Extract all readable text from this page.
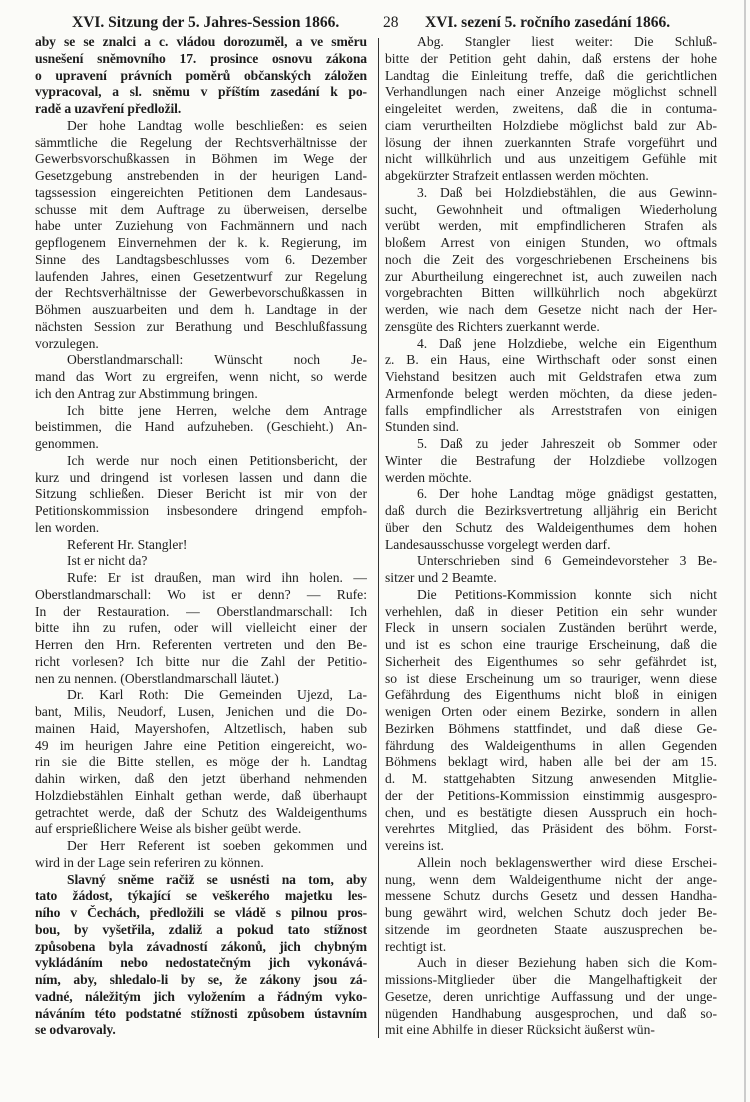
XVI. Sitzung der 5. Jahres-Session 1866.	28 XVI. sezení 5. ročního zasedání 1866.
aby se se znalci a c. vládou dorozuměl, a ve směru
usnešení sněmovního 17. prosince osnovu zákona
o upravení právních poměrů občanských záložen
vypracoval, a sl. sněmu v příštím zasedání k po-
radě a uzavření předložil.
Der hohe Landtag wolle beschließen: es seien
sämmtliche die Regelung der Rechtsverhältnisse der
Gewerbsvorschußkassen in Böhmen im Wege der
Gesetzgebung anstrebenden in der heurigen Land-
tagssession eingereichten Petitionen dem Landesaus-
schusse mit dem Auftrage zu überweisen, derselbe
habe unter Zuziehung von Fachmännern und nach
gepflogenem Einvernehmen der k. k. Regierung, im
Sinne des Landtagsbeschlusses vom 6. Dezember
laufenden Jahres, einen Gesetzentwurf zur Regelung
der Rechtsverhältnisse der Gewerbevorschußkassen in
Böhmen auszuarbeiten und dem h. Landtage in der
nächsten Session zur Berathung und Beschlußfassung
vorzulegen.
Oberstlandmarschall: Wünscht noch Je-
mand das Wort zu ergreifen, wenn nicht, so werde
ich den Antrag zur Abstimmung bringen.
Ich bitte jene Herren, welche dem Antrage
beistimmen, die Hand aufzuheben. (Geschieht.) An-
genommen.
Ich werde nur noch einen Petitionsbericht, der
kurz und dringend ist vorlesen lassen und dann die
Sitzung schließen. Dieser Bericht ist mir von der
Petitionskommission insbesondere dringend empfoh-
len worden.
Referent Hr. Stangler!
Ist er nicht da?
Rufe: Er ist draußen, man wird ihn holen. —
Oberstlandmarschall: Wo ist er denn? — Rufe:
In der Restauration. — Oberstlandmarschall: Ich
bitte ihn zu rufen, oder will vielleicht einer der
Herren den Hrn. Referenten vertreten und den Be-
richt vorlesen? Ich bitte nur die Zahl der Petitio-
nen zu nennen. (Oberstlandmarschall läutet.)
Dr. Karl Roth: Die Gemeinden Ujezd, La-
bant, Milis, Neudorf, Lusen, Jenichen und die Do-
mainen Haid, Mayershofen, Altzetlisch, haben sub
49 im heurigen Jahre eine Petition eingereicht, wo-
rin sie die Bitte stellen, es möge der h. Landtag
dahin wirken, daß den jetzt überhand nehmenden
Holzdiebstählen Einhalt gethan werde, daß überhaupt
getrachtet werde, daß der Schutz des Waldeigenthums
auf ersprießlichere Weise als bisher geübt werde.
Der Herr Referent ist soeben gekommen und
wird in der Lage sein referiren zu können.
Slavný sněme račiž se usnésti na tom, aby
tato žádost, týkající se veškerého majetku les-
ního v Čechách, předložili se vládě s pilnou pros-
bou, by vyšetřila, zdaliž a pokud tato stížnost
způsobena byla závadností zákonů, jich chybným
vykládáním nebo nedostatečným jich vykonává-
ním, aby, shledalo-li by se, že zákony jsou zá-
vadné, náležitým jich vyložením a řádným vyko-
náváním této podstatné stížnosti způsobem ústavním
se odvarovaly.
Abg. Stangler liest weiter: Die Schluß-
bitte der Petition geht dahin, daß erstens der hohe
Landtag die Einleitung treffe, daß die gerichtlichen
Verhandlungen nach einer Anzeige möglichst schnell
eingeleitet werden, zweitens, daß die in contuma-
ciam verurtheilten Holzdiebe möglichst bald zur Ab-
lösung der ihnen zuerkannten Strafe vorgeführt und
nicht willkührlich und aus unzeitigem Gefühle mit
abgekürzter Strafzeit entlassen werden möchten.
3. Daß bei Holzdiebstählen, die aus Gewinn-
sucht, Gewohnheit und oftmaligen Wiederholung
verübt werden, mit empfindlicheren Strafen als
bloßem Arrest von einigen Stunden, wo oftmals
noch die Zeit des vorgeschriebenen Erscheinens bis
zur Aburtheilung eingerechnet ist, auch zuweilen nach
vorgebrachten Bitten willkührlich noch abgekürzt
werden, wie nach dem Gesetze nicht nach der Her-
zensgüte des Richters zuerkannt werde.
4. Daß jene Holzdiebe, welche ein Eigenthum
z. B. ein Haus, eine Wirthschaft oder sonst einen
Viehstand besitzen auch mit Geldstrafen etwa zum
Armenfonde belegt werden möchten, da diese jeden-
falls empfindlicher als Arreststrafen von einigen
Stunden sind.
5. Daß zu jeder Jahreszeit ob Sommer oder
Winter die Bestrafung der Holzdiebe vollzogen
werden möchte.
6. Der hohe Landtag möge gnädigst gestatten,
daß durch die Bezirksvertretung alljährig ein Bericht
über den Schutz des Waldeigenthumes dem hohen
Landesausschusse vorgelegt werden darf.
Unterschrieben sind 6 Gemeindevorsteher 3 Be-
sitzer und 2 Beamte.
Die Petitions-Kommission konnte sich nicht
verhehlen, daß in dieser Petition ein sehr wunder
Fleck in unsern socialen Zuständen berührt werde,
und ist es schon eine traurige Erscheinung, daß die
Sicherheit des Eigenthumes so sehr gefährdet ist,
so ist diese Erscheinung um so trauriger, wenn diese
Gefährdung des Eigenthums nicht bloß in einigen
wenigen Orten oder einem Bezirke, sondern in allen
Bezirken Böhmens stattfindet, und daß diese Ge-
fährdung des Waldeigenthums in allen Gegenden
Böhmens beklagt wird, haben alle bei der am 15.
d. M. stattgehabten Sitzung anwesenden Mitglie-
der der Petitions-Kommission einstimmig ausgespro-
chen, und es bestätigte diesen Ausspruch ein hoch-
verehrtes Mitglied, das Präsident des böhm. Forst-
vereins ist.
Allein noch beklagenswerther wird diese Erschei-
nung, wenn dem Waldeigenthume nicht der ange-
messene Schutz durchs Gesetz und dessen Handha-
bung gewährt wird, welchen Schutz doch jeder Be-
sitzende im geordneten Staate auszusprechen be-
rechtigt ist.
Auch in dieser Beziehung haben sich die Kom-
missions-Mitglieder über die Mangelhaftigkeit der
Gesetze, deren unrichtige Auffassung und der unge-
nügenden Handhabung ausgesprochen, und daß so-
mit eine Abhilfe in dieser Rücksicht äußerst wün-
